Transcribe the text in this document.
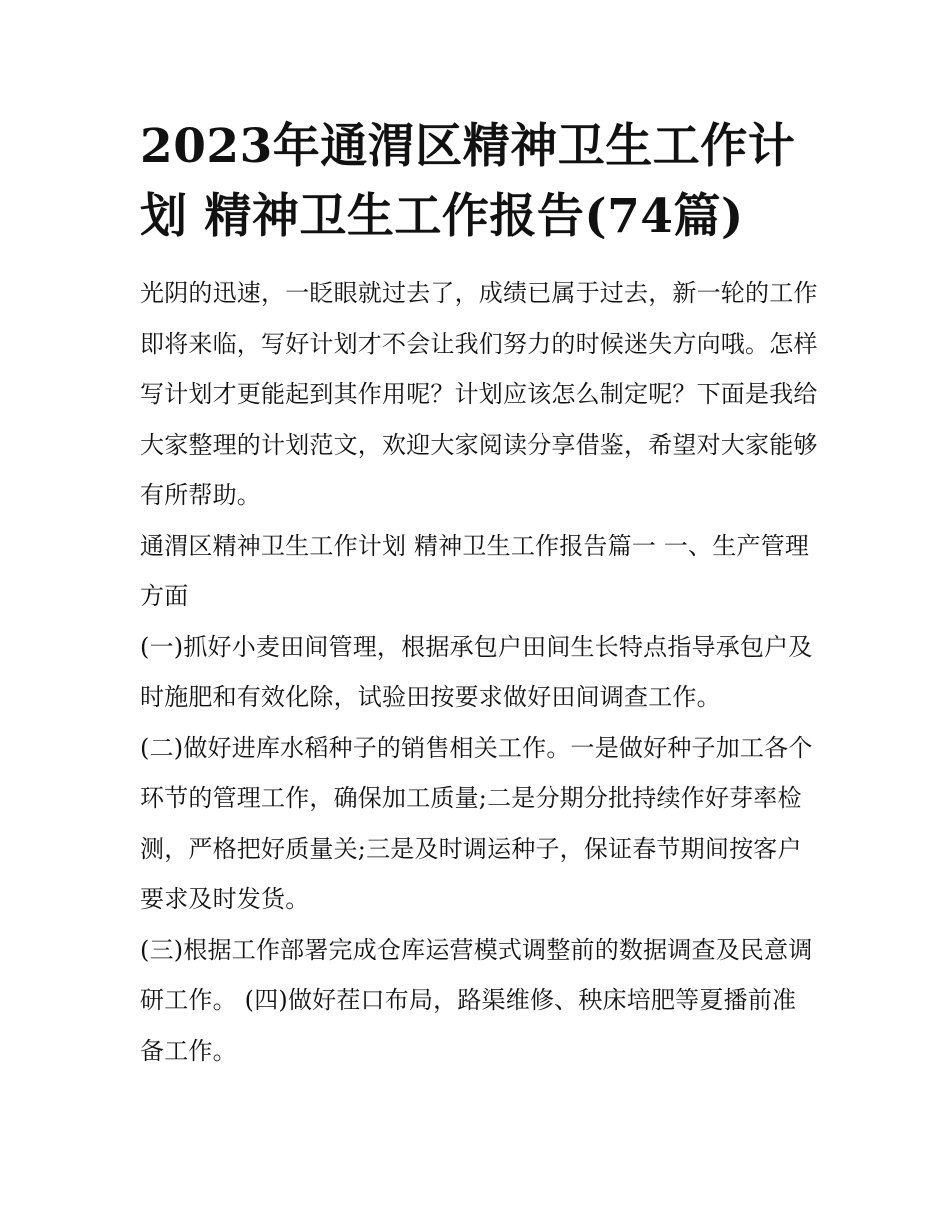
2023年通渭区精神卫生工作计划 精神卫生工作报告(74篇)

光阴的迅速，一眨眼就过去了，成绩已属于过去，新一轮的工作即将来临，写好计划才不会让我们努力的时候迷失方向哦。怎样写计划才更能起到其作用呢？计划应该怎么制定呢？下面是我给大家整理的计划范文，欢迎大家阅读分享借鉴，希望对大家能够有所帮助。

通渭区精神卫生工作计划 精神卫生工作报告篇一 一、生产管理方面

(一)抓好小麦田间管理，根据承包户田间生长特点指导承包户及时施肥和有效化除，试验田按要求做好田间调查工作。

(二)做好进库水稻种子的销售相关工作。一是做好种子加工各个环节的管理工作，确保加工质量;二是分期分批持续作好芽率检测，严格把好质量关;三是及时调运种子，保证春节期间按客户要求及时发货。

(三)根据工作部署完成仓库运营模式调整前的数据调查及民意调研工作。 (四)做好茬口布局，路渠维修、秧床培肥等夏播前准备工作。
